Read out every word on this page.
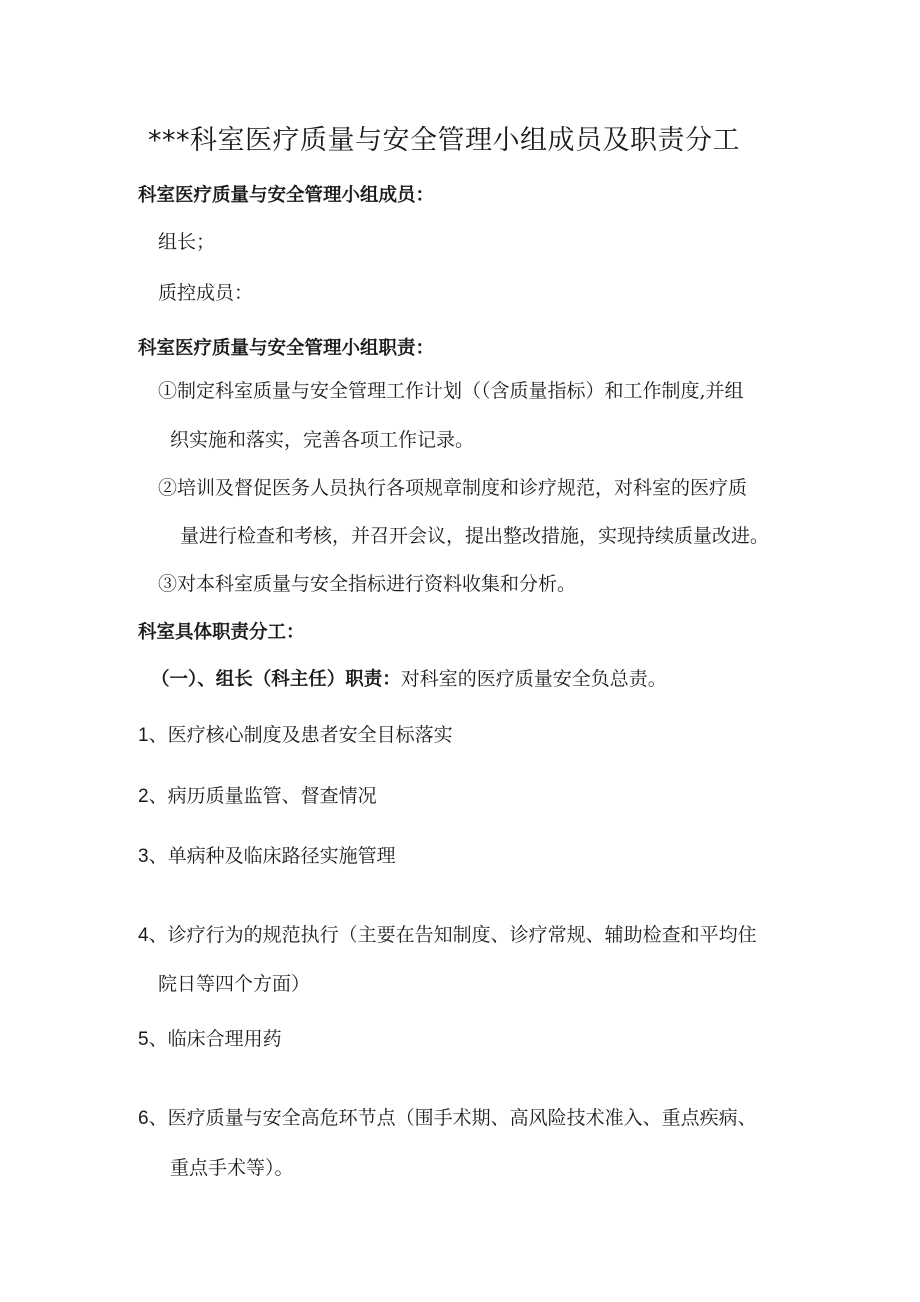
***科室医疗质量与安全管理小组成员及职责分工
科室医疗质量与安全管理小组成员：
组长；
质控成员：
科室医疗质量与安全管理小组职责：
①制定科室质量与安全管理工作计划（（含质量指标）和工作制度,并组
织实施和落实，完善各项工作记录。
②培训及督促医务人员执行各项规章制度和诊疗规范，对科室的医疗质
量进行检查和考核，并召开会议，提出整改措施，实现持续质量改进。
③对本科室质量与安全指标进行资料收集和分析。
科室具体职责分工：
（一）、组长（科主任）职责：对科室的医疗质量安全负总责。
1、医疗核心制度及患者安全目标落实
2、病历质量监管、督查情况
3、单病种及临床路径实施管理
4、诊疗行为的规范执行（主要在告知制度、诊疗常规、辅助检查和平均住
院日等四个方面）
5、临床合理用药
6、医疗质量与安全高危环节点（围手术期、高风险技术准入、重点疾病、
重点手术等）。
